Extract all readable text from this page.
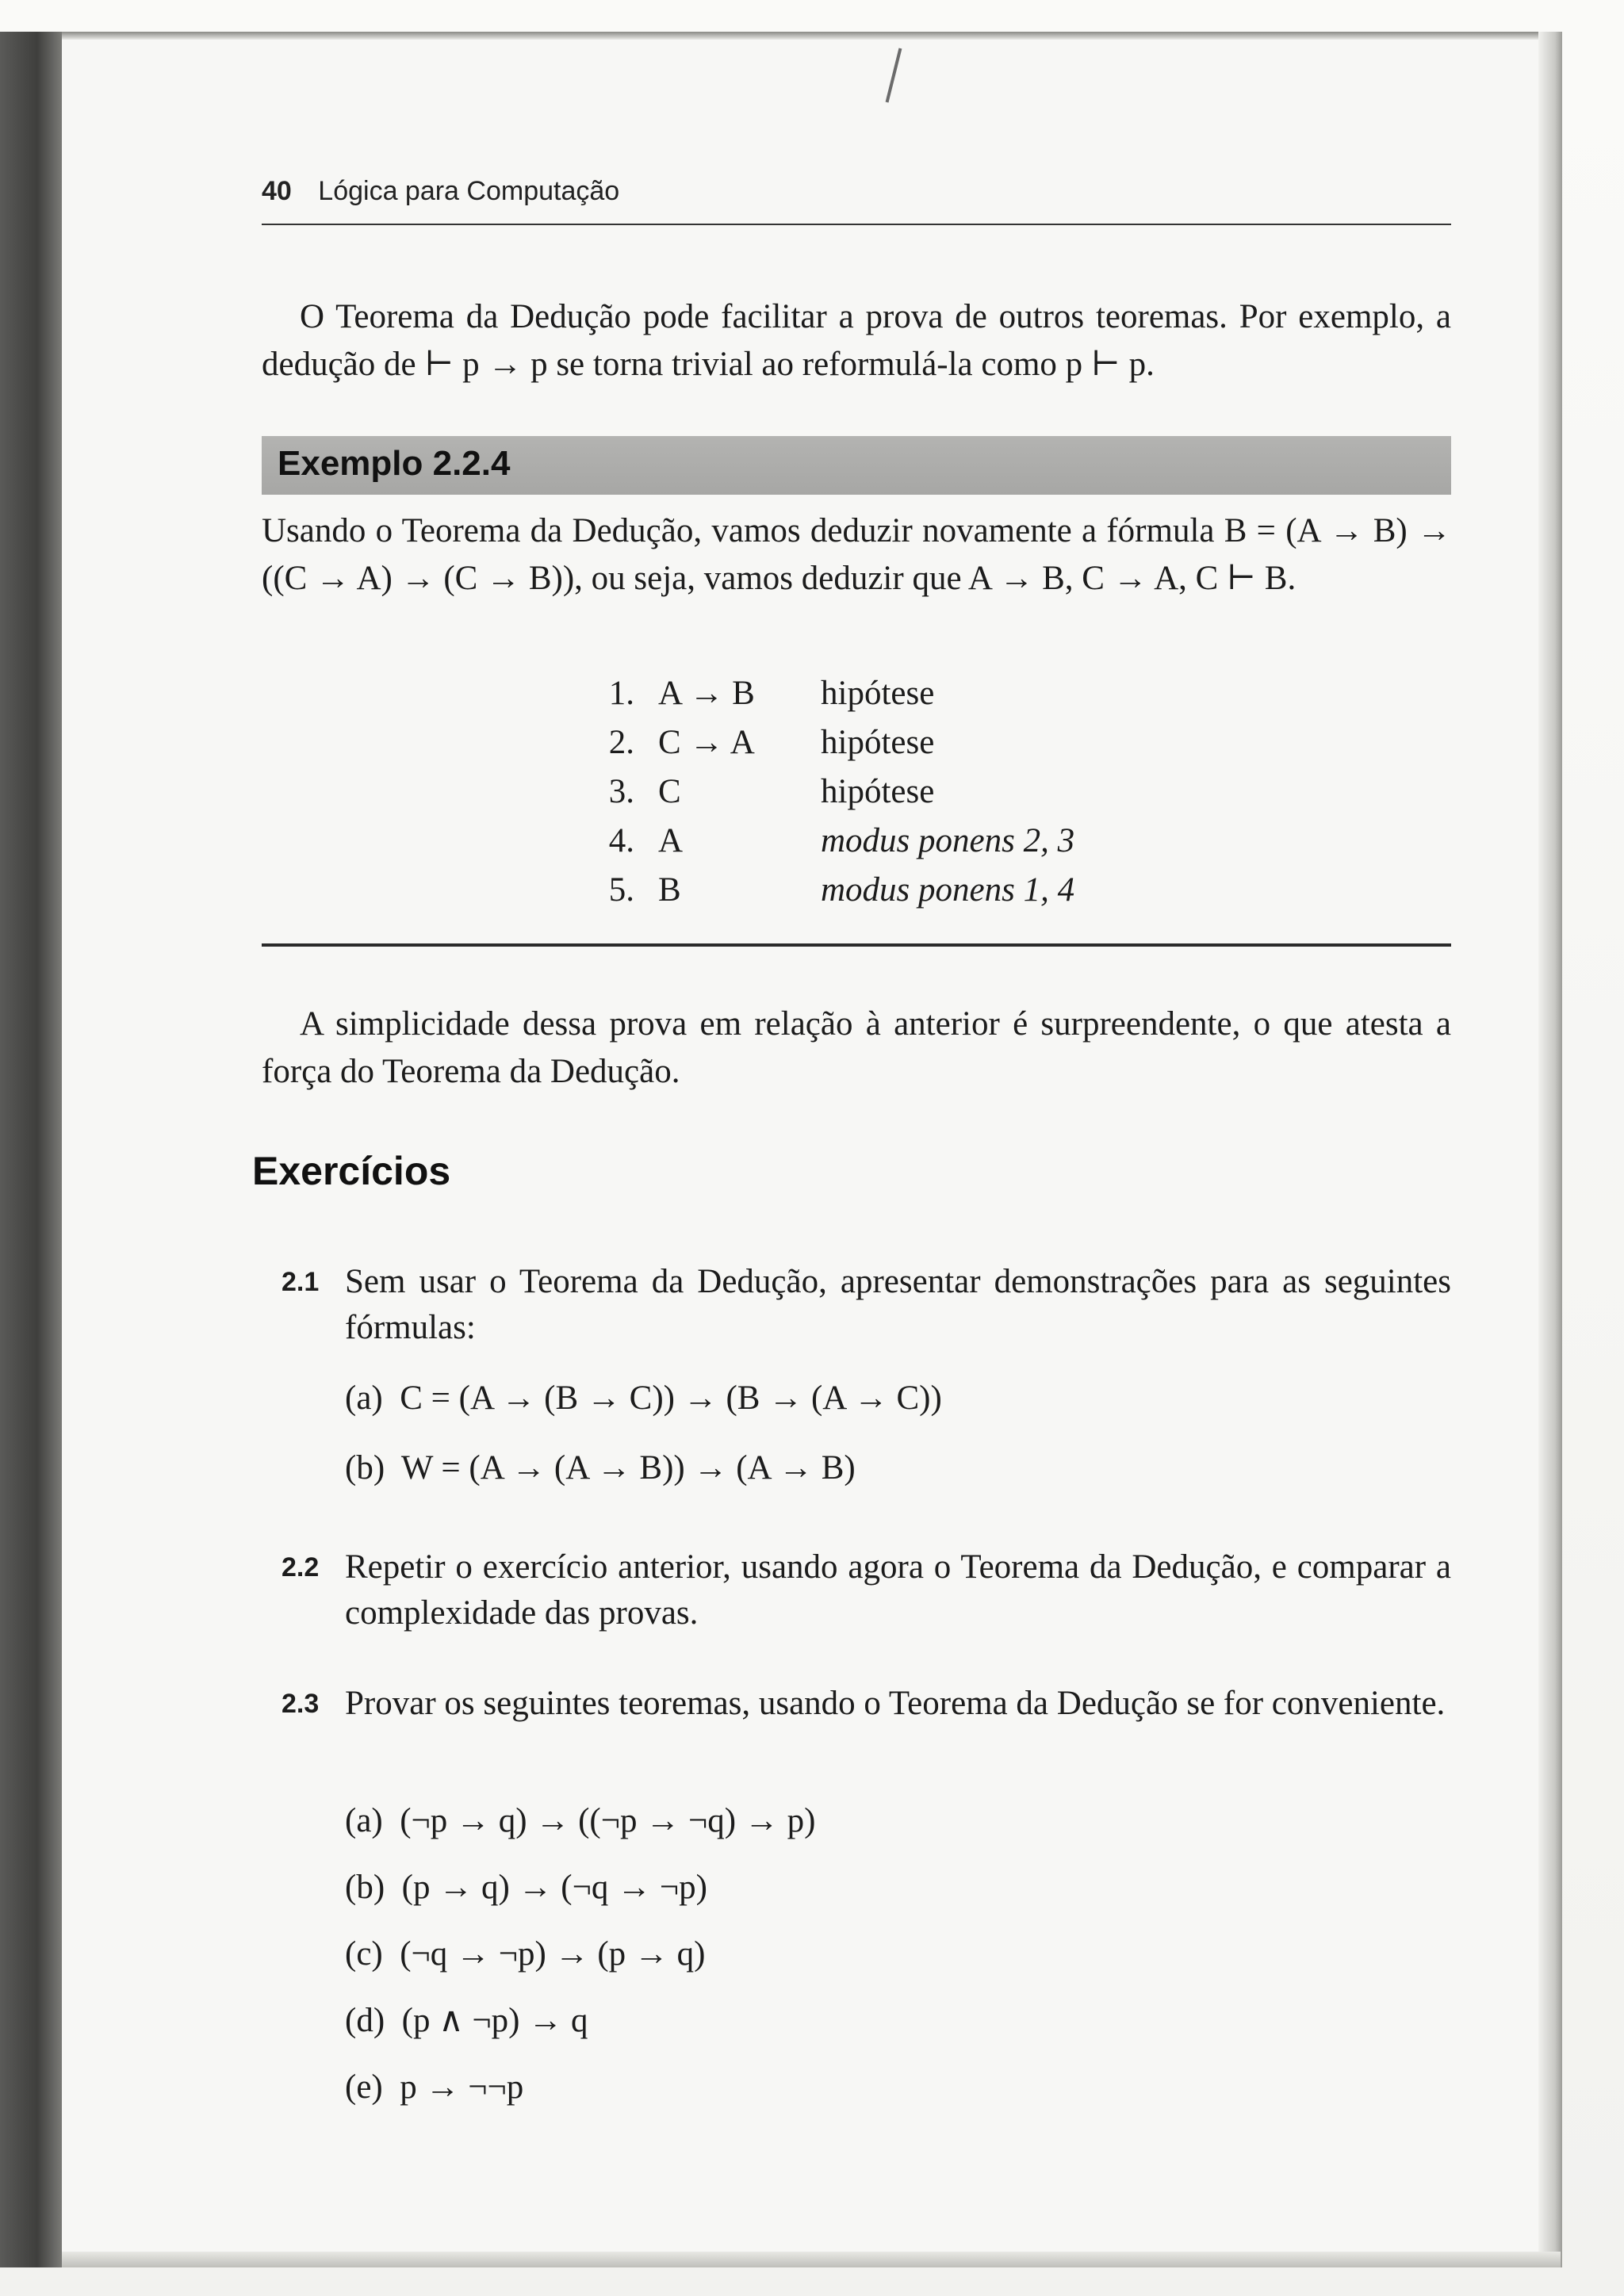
40 Lógica para Computação
O Teorema da Dedução pode facilitar a prova de outros teoremas. Por exemplo, a dedução de ⊢ p → p se torna trivial ao reformulá-la como p ⊢ p.
Exemplo 2.2.4
Usando o Teorema da Dedução, vamos deduzir novamente a fórmula B = (A → B) → ((C → A) → (C → B)), ou seja, vamos deduzir que A → B, C → A, C ⊢ B.
1. A → B hipótese
2. C → A hipótese
3. C	hipótese
4. A	modus ponens 2, 3
5. B	modus ponens 1, 4
A simplicidade dessa prova em relação à anterior é surpreendente, o que atesta a força do Teorema da Dedução.
Exercícios
2.1 Sem usar o Teorema da Dedução, apresentar demonstrações para as seguintes fórmulas:
(a)  C = (A → (B → C)) → (B → (A → C))
(b)  W = (A → (A → B)) → (A → B)
2.2 Repetir o exercício anterior, usando agora o Teorema da Dedução, e comparar a complexidade das provas.
2.3 Provar os seguintes teoremas, usando o Teorema da Dedução se for conveniente.
(a)  (¬p → q) → ((¬p → ¬q) → p)
(b)  (p → q) → (¬q → ¬p)
(c)  (¬q → ¬p) → (p → q)
(d)  (p ∧ ¬p) → q
(e)  p → ¬¬p
